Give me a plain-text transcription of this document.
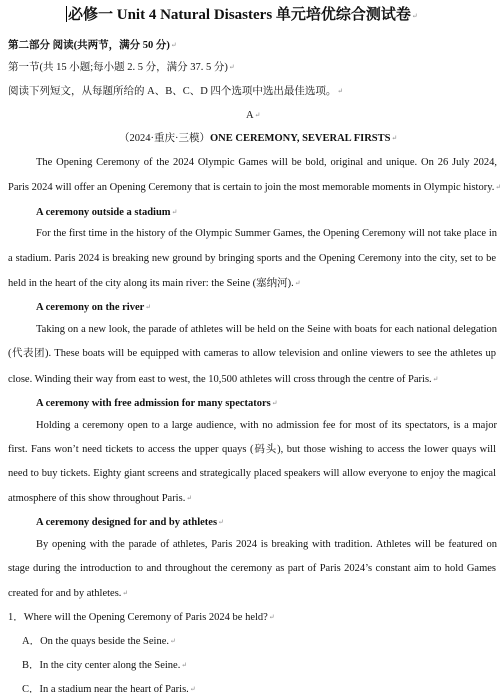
必修一 Unit 4 Natural Disasters 单元培优综合测试卷↵
第二部分 阅读(共两节，满分 50 分)↵
第一节(共 15 小题;每小题 2. 5 分，满分 37. 5 分)↵
阅读下列短文，从每题所给的 A、B、C、D 四个选项中选出最佳选项。↵
A↵
（2024·重庆·三模）ONE CEREMONY, SEVERAL FIRSTS↵
The Opening Ceremony of the 2024 Olympic Games will be bold, original and unique. On 26 July 2024,
Paris 2024 will offer an Opening Ceremony that is certain to join the most memorable moments in Olympic history.↵
A ceremony outside a stadium↵
For the first time in the history of the Olympic Summer Games, the Opening Ceremony will not take place in
a stadium. Paris 2024 is breaking new ground by bringing sports and the Opening Ceremony into the city, set to be
held in the heart of the city along its main river: the Seine (塞纳河).↵
A ceremony on the river↵
Taking on a new look, the parade of athletes will be held on the Seine with boats for each national delegation
(代表团). These boats will be equipped with cameras to allow television and online viewers to see the athletes up
close. Winding their way from east to west, the 10,500 athletes will cross through the centre of Paris.↵
A ceremony with free admission for many spectators↵
Holding a ceremony open to a large audience, with no admission fee for most of its spectators, is a major
first. Fans won’t need tickets to access the upper quays (码头), but those wishing to access the lower quays will
need to buy tickets. Eighty giant screens and strategically placed speakers will allow everyone to enjoy the magical
atmosphere of this show throughout Paris.↵
A ceremony designed for and by athletes↵
By opening with the parade of athletes, Paris 2024 is breaking with tradition. Athletes will be featured on
stage during the introduction to and throughout the ceremony as part of Paris 2024’s constant aim to hold Games
created for and by athletes.↵
1．Where will the Opening Ceremony of Paris 2024 be held?↵
A．On the quays beside the Seine.↵
B．In the city center along the Seine.↵
C．In a stadium near the heart of Paris.↵
